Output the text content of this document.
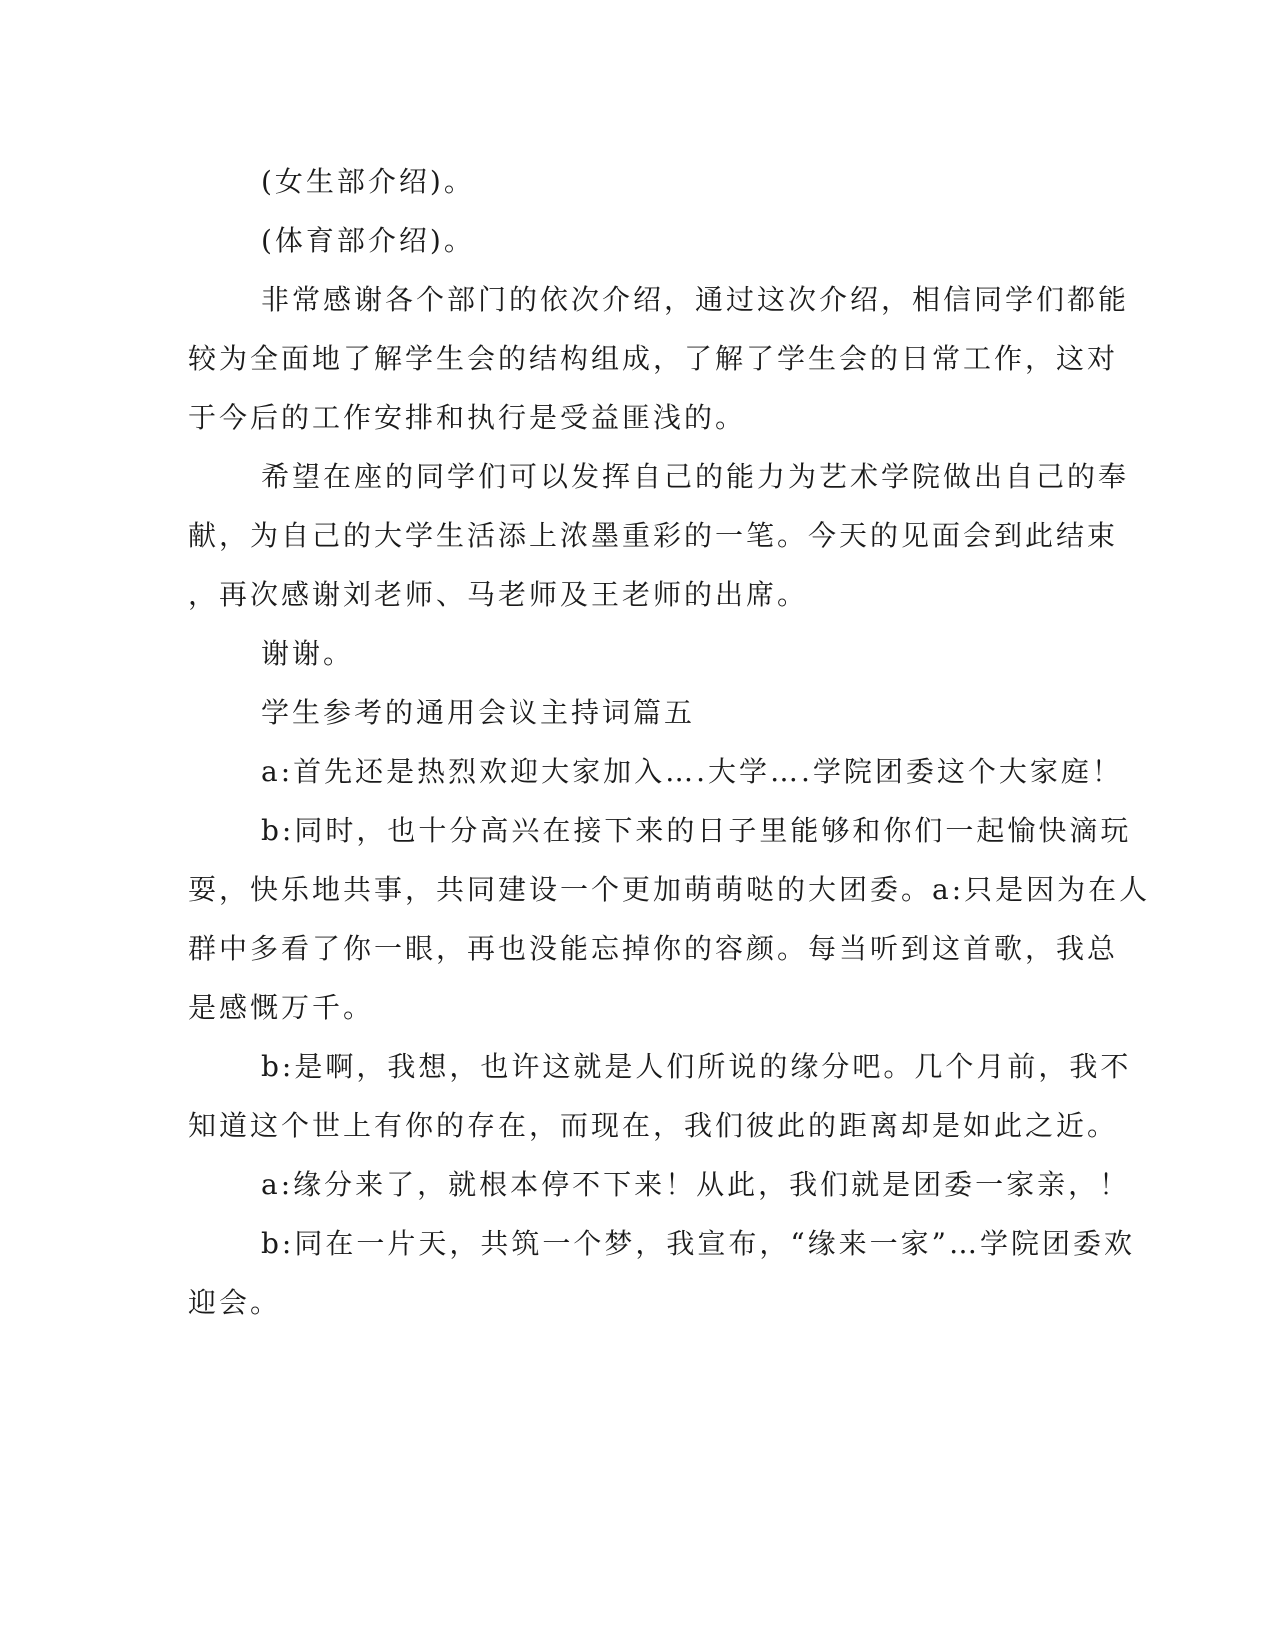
(女生部介绍)。
(体育部介绍)。
非常感谢各个部门的依次介绍，通过这次介绍，相信同学们都能
较为全面地了解学生会的结构组成，了解了学生会的日常工作，这对
于今后的工作安排和执行是受益匪浅的。
希望在座的同学们可以发挥自己的能力为艺术学院做出自己的奉
献，为自己的大学生活添上浓墨重彩的一笔。今天的见面会到此结束
，再次感谢刘老师、马老师及王老师的出席。
谢谢。
学生参考的通用会议主持词篇五
a:首先还是热烈欢迎大家加入….大学….学院团委这个大家庭！
b:同时，也十分高兴在接下来的日子里能够和你们一起愉快滴玩
耍，快乐地共事，共同建设一个更加萌萌哒的大团委。a:只是因为在人
群中多看了你一眼，再也没能忘掉你的容颜。每当听到这首歌，我总
是感慨万千。
b:是啊，我想，也许这就是人们所说的缘分吧。几个月前，我不
知道这个世上有你的存在，而现在，我们彼此的距离却是如此之近。
a:缘分来了，就根本停不下来！从此，我们就是团委一家亲，！
b:同在一片天，共筑一个梦，我宣布，“缘来一家”…学院团委欢
迎会。
